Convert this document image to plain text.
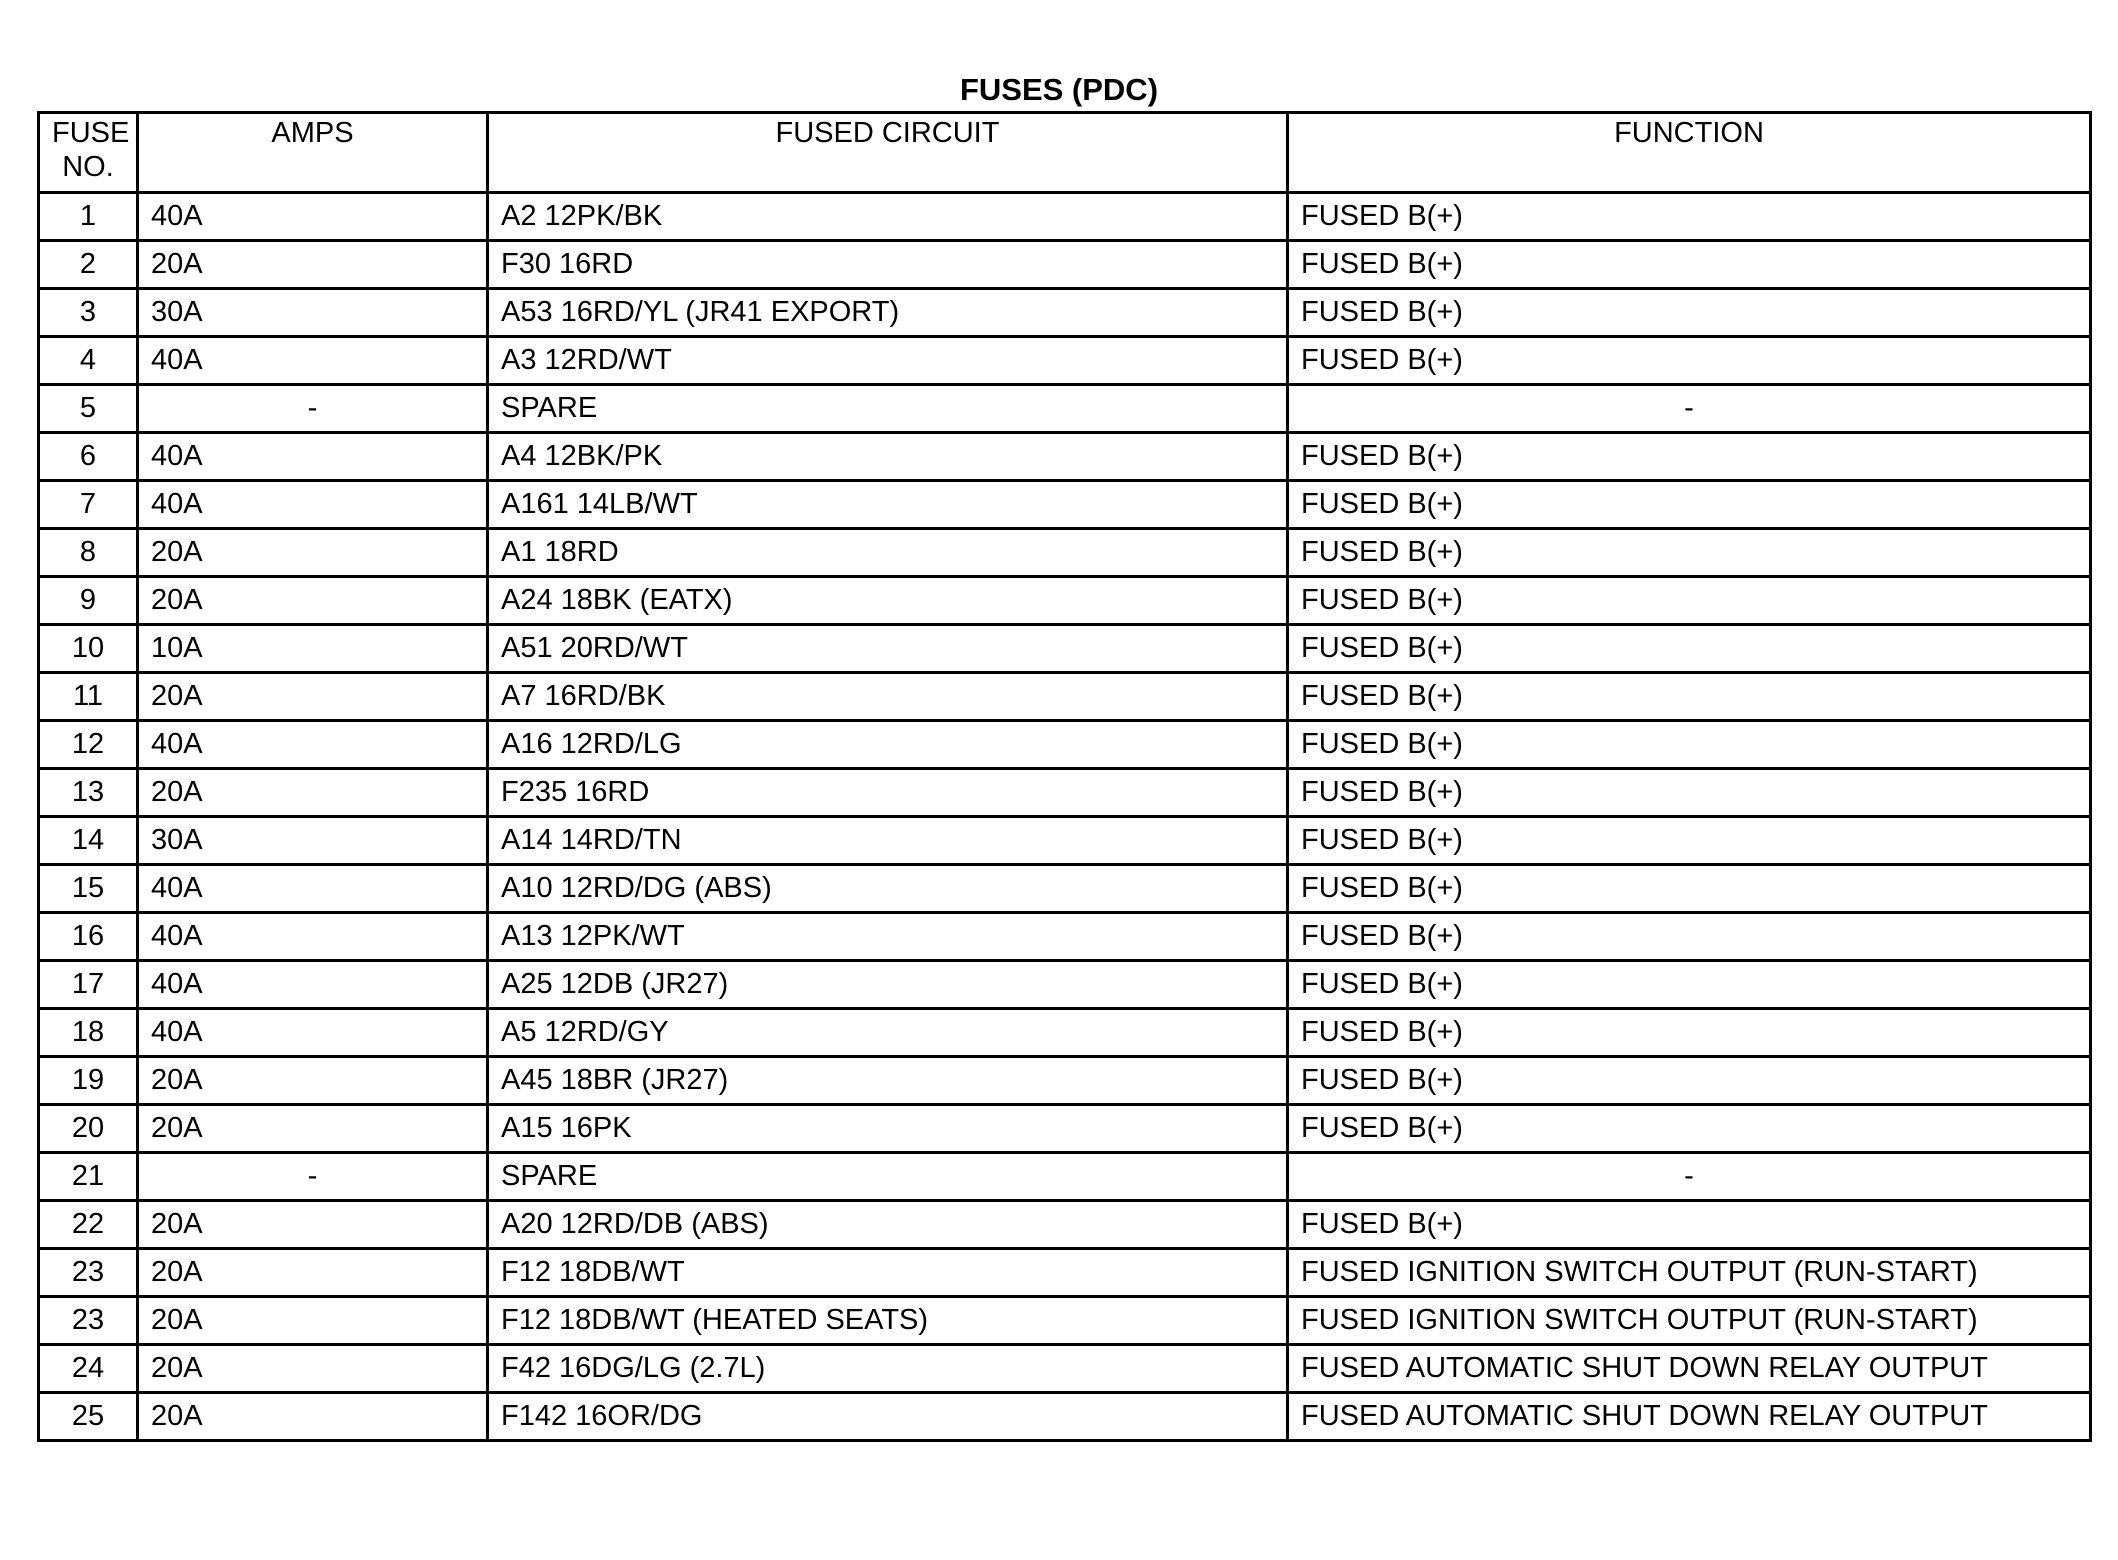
FUSES (PDC)
FUSE NO.	AMPS	FUSED CIRCUIT	FUNCTION
1	40A	A2 12PK/BK	FUSED B(+)
2	20A	F30 16RD	FUSED B(+)
3	30A	A53 16RD/YL (JR41 EXPORT)	FUSED B(+)
4	40A	A3 12RD/WT	FUSED B(+)
5	-	SPARE	-
6	40A	A4 12BK/PK	FUSED B(+)
7	40A	A161 14LB/WT	FUSED B(+)
8	20A	A1 18RD	FUSED B(+)
9	20A	A24 18BK (EATX)	FUSED B(+)
10	10A	A51 20RD/WT	FUSED B(+)
11	20A	A7 16RD/BK	FUSED B(+)
12	40A	A16 12RD/LG	FUSED B(+)
13	20A	F235 16RD	FUSED B(+)
14	30A	A14 14RD/TN	FUSED B(+)
15	40A	A10 12RD/DG (ABS)	FUSED B(+)
16	40A	A13 12PK/WT	FUSED B(+)
17	40A	A25 12DB (JR27)	FUSED B(+)
18	40A	A5 12RD/GY	FUSED B(+)
19	20A	A45 18BR (JR27)	FUSED B(+)
20	20A	A15 16PK	FUSED B(+)
21	-	SPARE	-
22	20A	A20 12RD/DB (ABS)	FUSED B(+)
23	20A	F12 18DB/WT	FUSED IGNITION SWITCH OUTPUT (RUN-START)
23	20A	F12 18DB/WT (HEATED SEATS)	FUSED IGNITION SWITCH OUTPUT (RUN-START)
24	20A	F42 16DG/LG (2.7L)	FUSED AUTOMATIC SHUT DOWN RELAY OUTPUT
25	20A	F142 16OR/DG	FUSED AUTOMATIC SHUT DOWN RELAY OUTPUT
